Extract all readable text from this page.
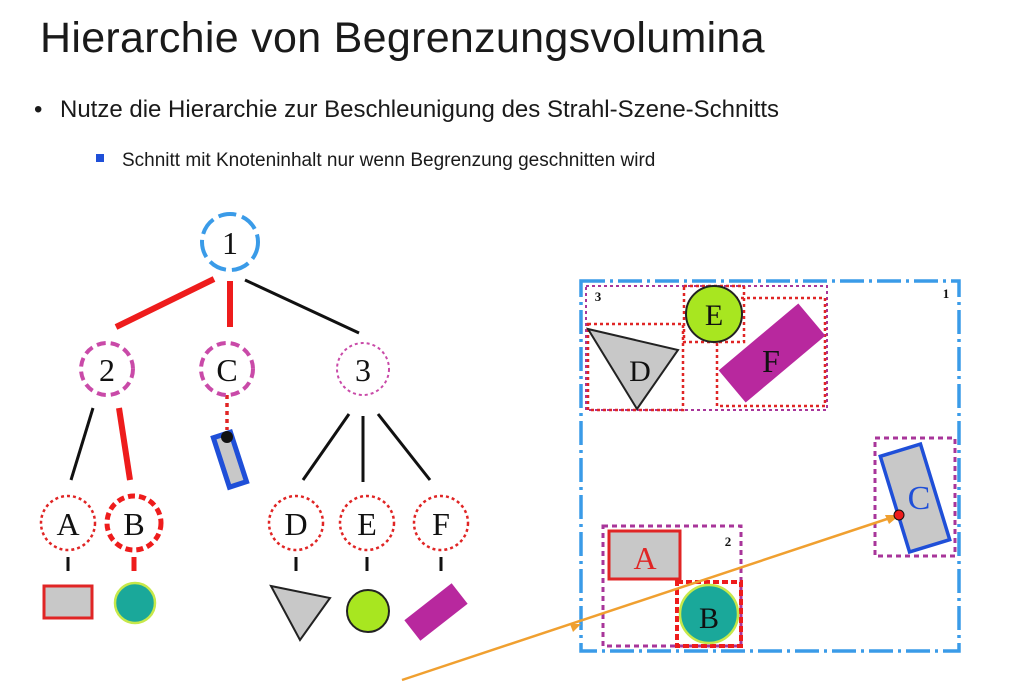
Hierarchie von Begrenzungsvolumina
• Nutze die Hierarchie zur Beschleunigung des Strahl-Szene-Schnitts
Schnitt mit Knoteninhalt nur wenn Begrenzung geschnitten wird
1
2	C	3
A B	D E F
1
3
D
E
F
2
A
B
C
